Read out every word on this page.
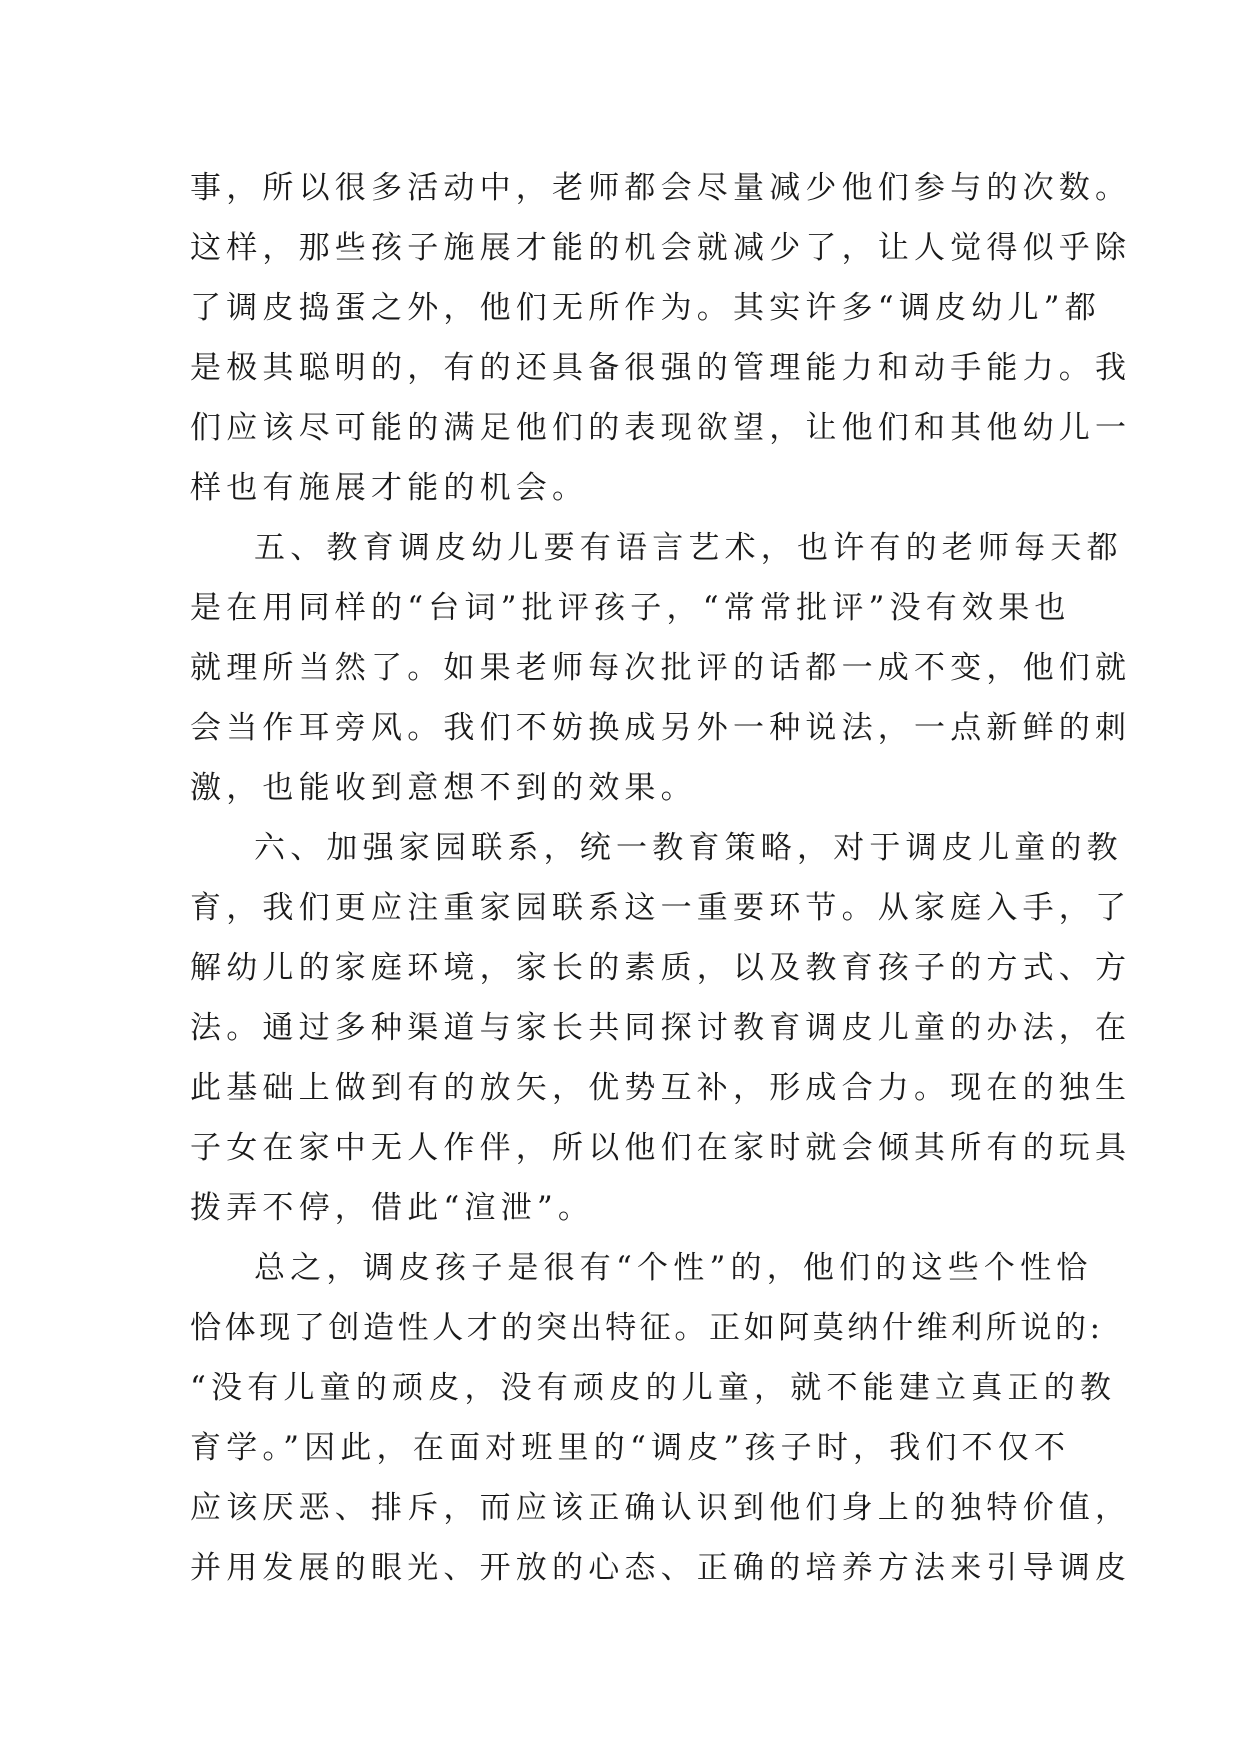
事，所以很多活动中，老师都会尽量减少他们参与的次数。
这样，那些孩子施展才能的机会就减少了，让人觉得似乎除
了调皮捣蛋之外，他们无所作为。其实许多“调皮幼儿”都
是极其聪明的，有的还具备很强的管理能力和动手能力。我
们应该尽可能的满足他们的表现欲望，让他们和其他幼儿一
样也有施展才能的机会。
五、教育调皮幼儿要有语言艺术，也许有的老师每天都
是在用同样的“台词”批评孩子，“常常批评”没有效果也
就理所当然了。如果老师每次批评的话都一成不变，他们就
会当作耳旁风。我们不妨换成另外一种说法，一点新鲜的刺
激，也能收到意想不到的效果。
六、加强家园联系，统一教育策略，对于调皮儿童的教
育，我们更应注重家园联系这一重要环节。从家庭入手，了
解幼儿的家庭环境，家长的素质，以及教育孩子的方式、方
法。通过多种渠道与家长共同探讨教育调皮儿童的办法，在
此基础上做到有的放矢，优势互补，形成合力。现在的独生
子女在家中无人作伴，所以他们在家时就会倾其所有的玩具
拨弄不停，借此“渲泄”。
总之，调皮孩子是很有“个性”的，他们的这些个性恰
恰体现了创造性人才的突出特征。正如阿莫纳什维利所说的:
“没有儿童的顽皮，没有顽皮的儿童，就不能建立真正的教
育学。”因此，在面对班里的“调皮”孩子时，我们不仅不
应该厌恶、排斥，而应该正确认识到他们身上的独特价值，
并用发展的眼光、开放的心态、正确的培养方法来引导调皮
